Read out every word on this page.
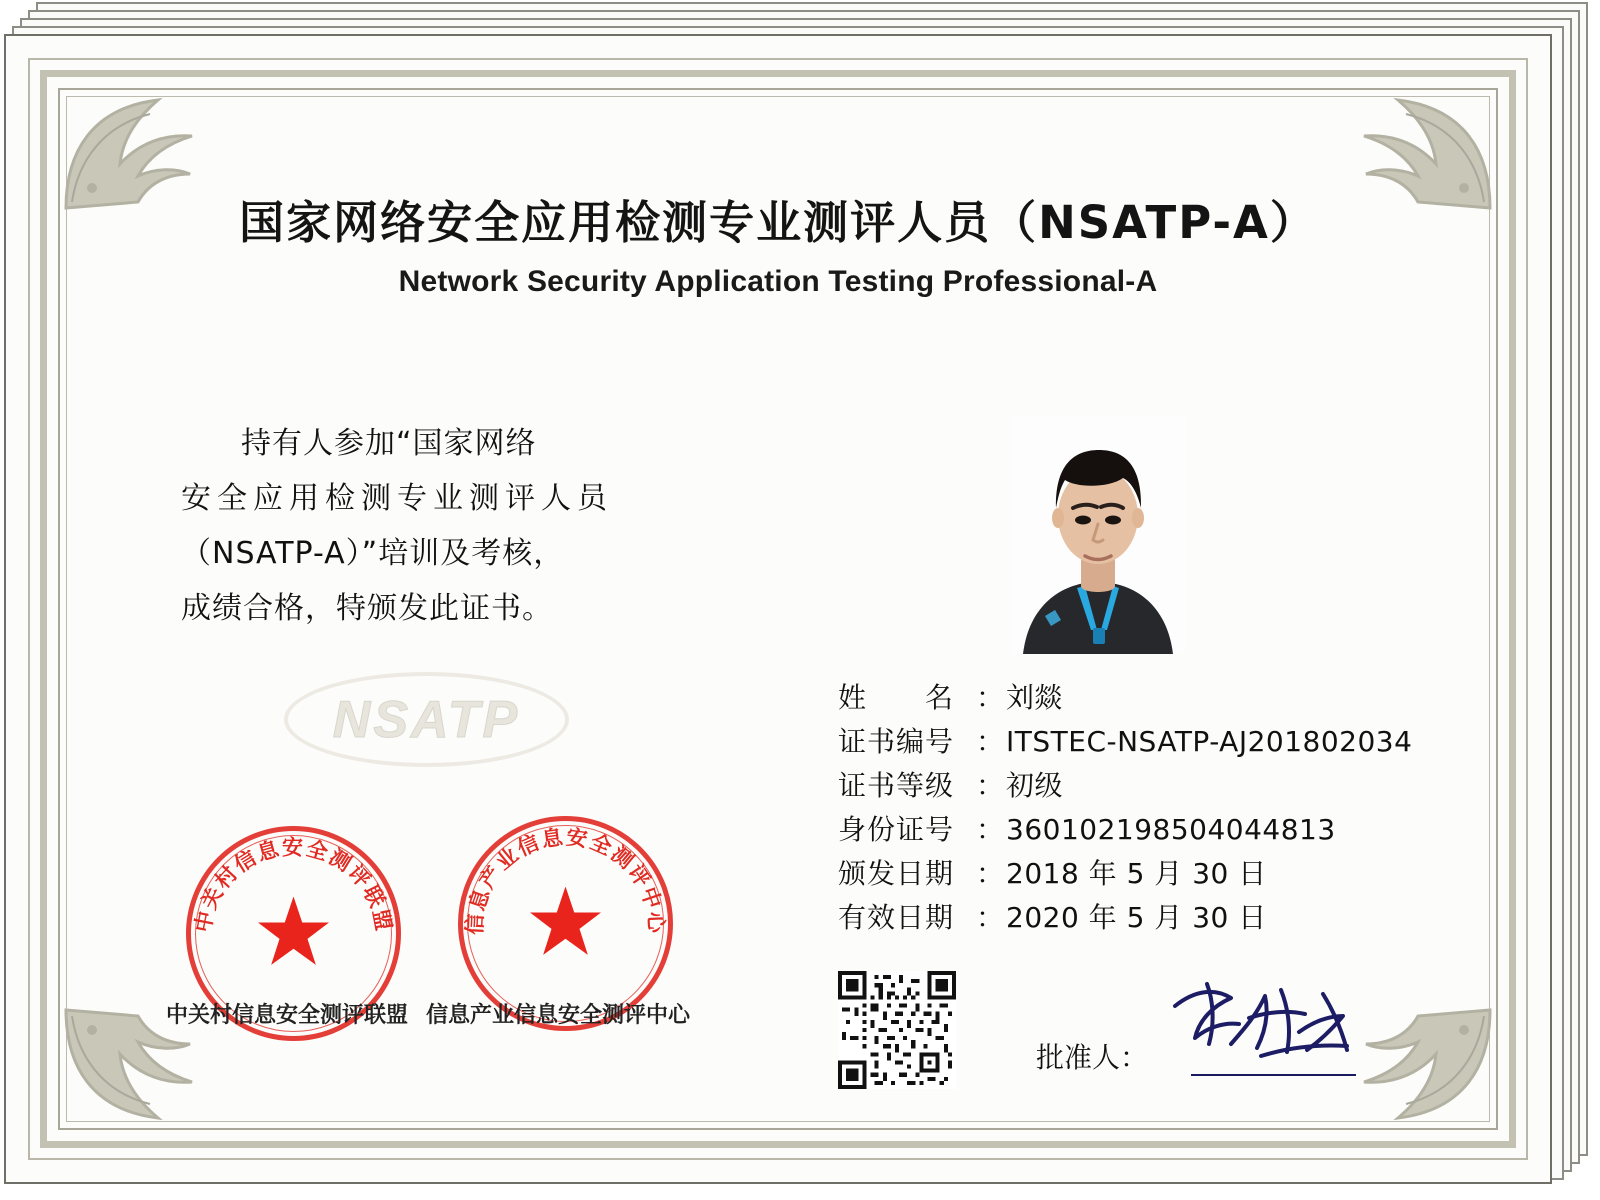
国家网络安全应用检测专业测评人员（NSATP-A）
Network Security Application Testing Professional-A
持有人参加“国家网络
安全应用检测专业测评人员
（NSATP-A）”培训及考核，
成绩合格，特颁发此证书。
NSATP
中关村信息安全测评联盟
中关村信息安全测评联盟
信息产业信息安全测评中心
信息产业信息安全测评中心
姓　　名 ： 刘燚
证书编号 ： ITSTEC-NSATP-AJ201802034
证书等级 ： 初级
身份证号 ： 360102198504044813
颁发日期 ： 2018 年 5 月 30 日
有效日期 ： 2020 年 5 月 30 日
批准人：
